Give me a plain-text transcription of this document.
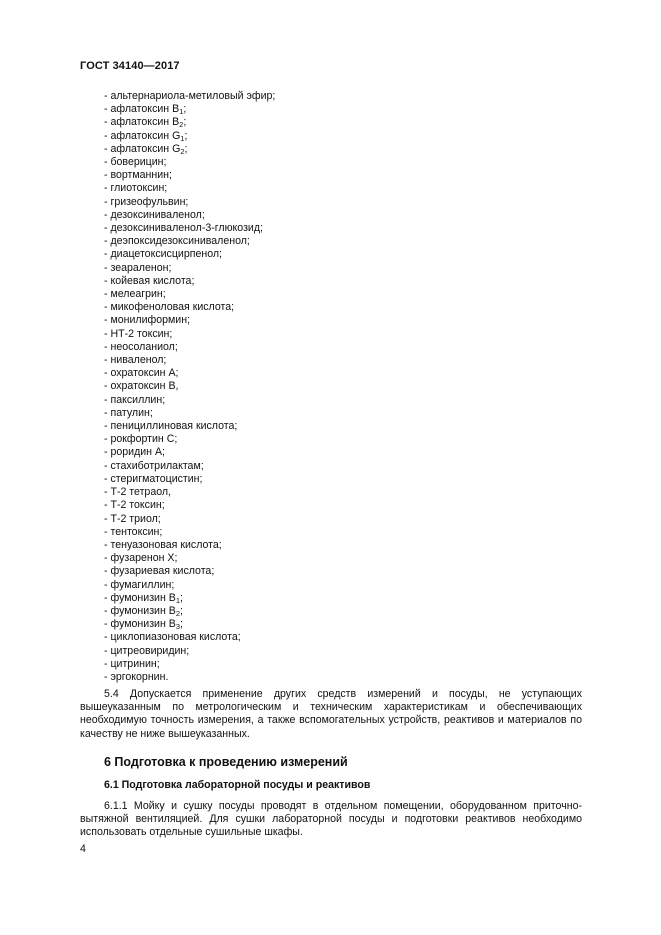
ГОСТ 34140—2017
- альтернариола-метиловый эфир;
- афлатоксин $B_1$;
- афлатоксин $B_2$;
- афлатоксин $G_1$;
- афлатоксин $G_2$;
- боверицин;
- вортманнин;
- глиотоксин;
- гризеофульвин;
- дезоксиниваленол;
- дезоксиниваленол-3-глюкозид;
- деэпоксидезоксиниваленол;
- диацетоксисцирпенол;
- зеараленон;
- койевая кислота;
- мелеагрин;
- микофеноловая кислота;
- монилиформин;
- НТ-2 токсин;
- неосоланиол;
- ниваленол;
- охратоксин А;
- охратоксин В,
- паксиллин;
- патулин;
- пенициллиновая кислота;
- рокфортин С;
- роридин А;
- стахиботрилактам;
- стеригматоцистин;
- Т-2 тетраол,
- Т-2 токсин;
- Т-2 триол;
- тентоксин;
- тенуазоновая кислота;
- фузаренон Х;
- фузариевая кислота;
- фумагиллин;
- фумонизин $B_1$;
- фумонизин $B_2$;
- фумонизин $B_3$;
- циклопиазоновая кислота;
- цитреовиридин;
- цитринин;
- эргокорнин.

5.4 Допускается применение других средств измерений и посуды, не уступающих вышеуказанным по метрологическим и техническим характеристикам и обеспечивающих необходимую точность измерения, а также вспомогательных устройств, реактивов и материалов по качеству не ниже вышеуказанных.

6 Подготовка к проведению измерений
6.1 Подготовка лабораторной посуды и реактивов

6.1.1 Мойку и сушку посуды проводят в отдельном помещении, оборудованном приточно-вытяжной вентиляцией. Для сушки лабораторной посуды и подготовки реактивов необходимо использовать отдельные сушильные шкафы.

4
